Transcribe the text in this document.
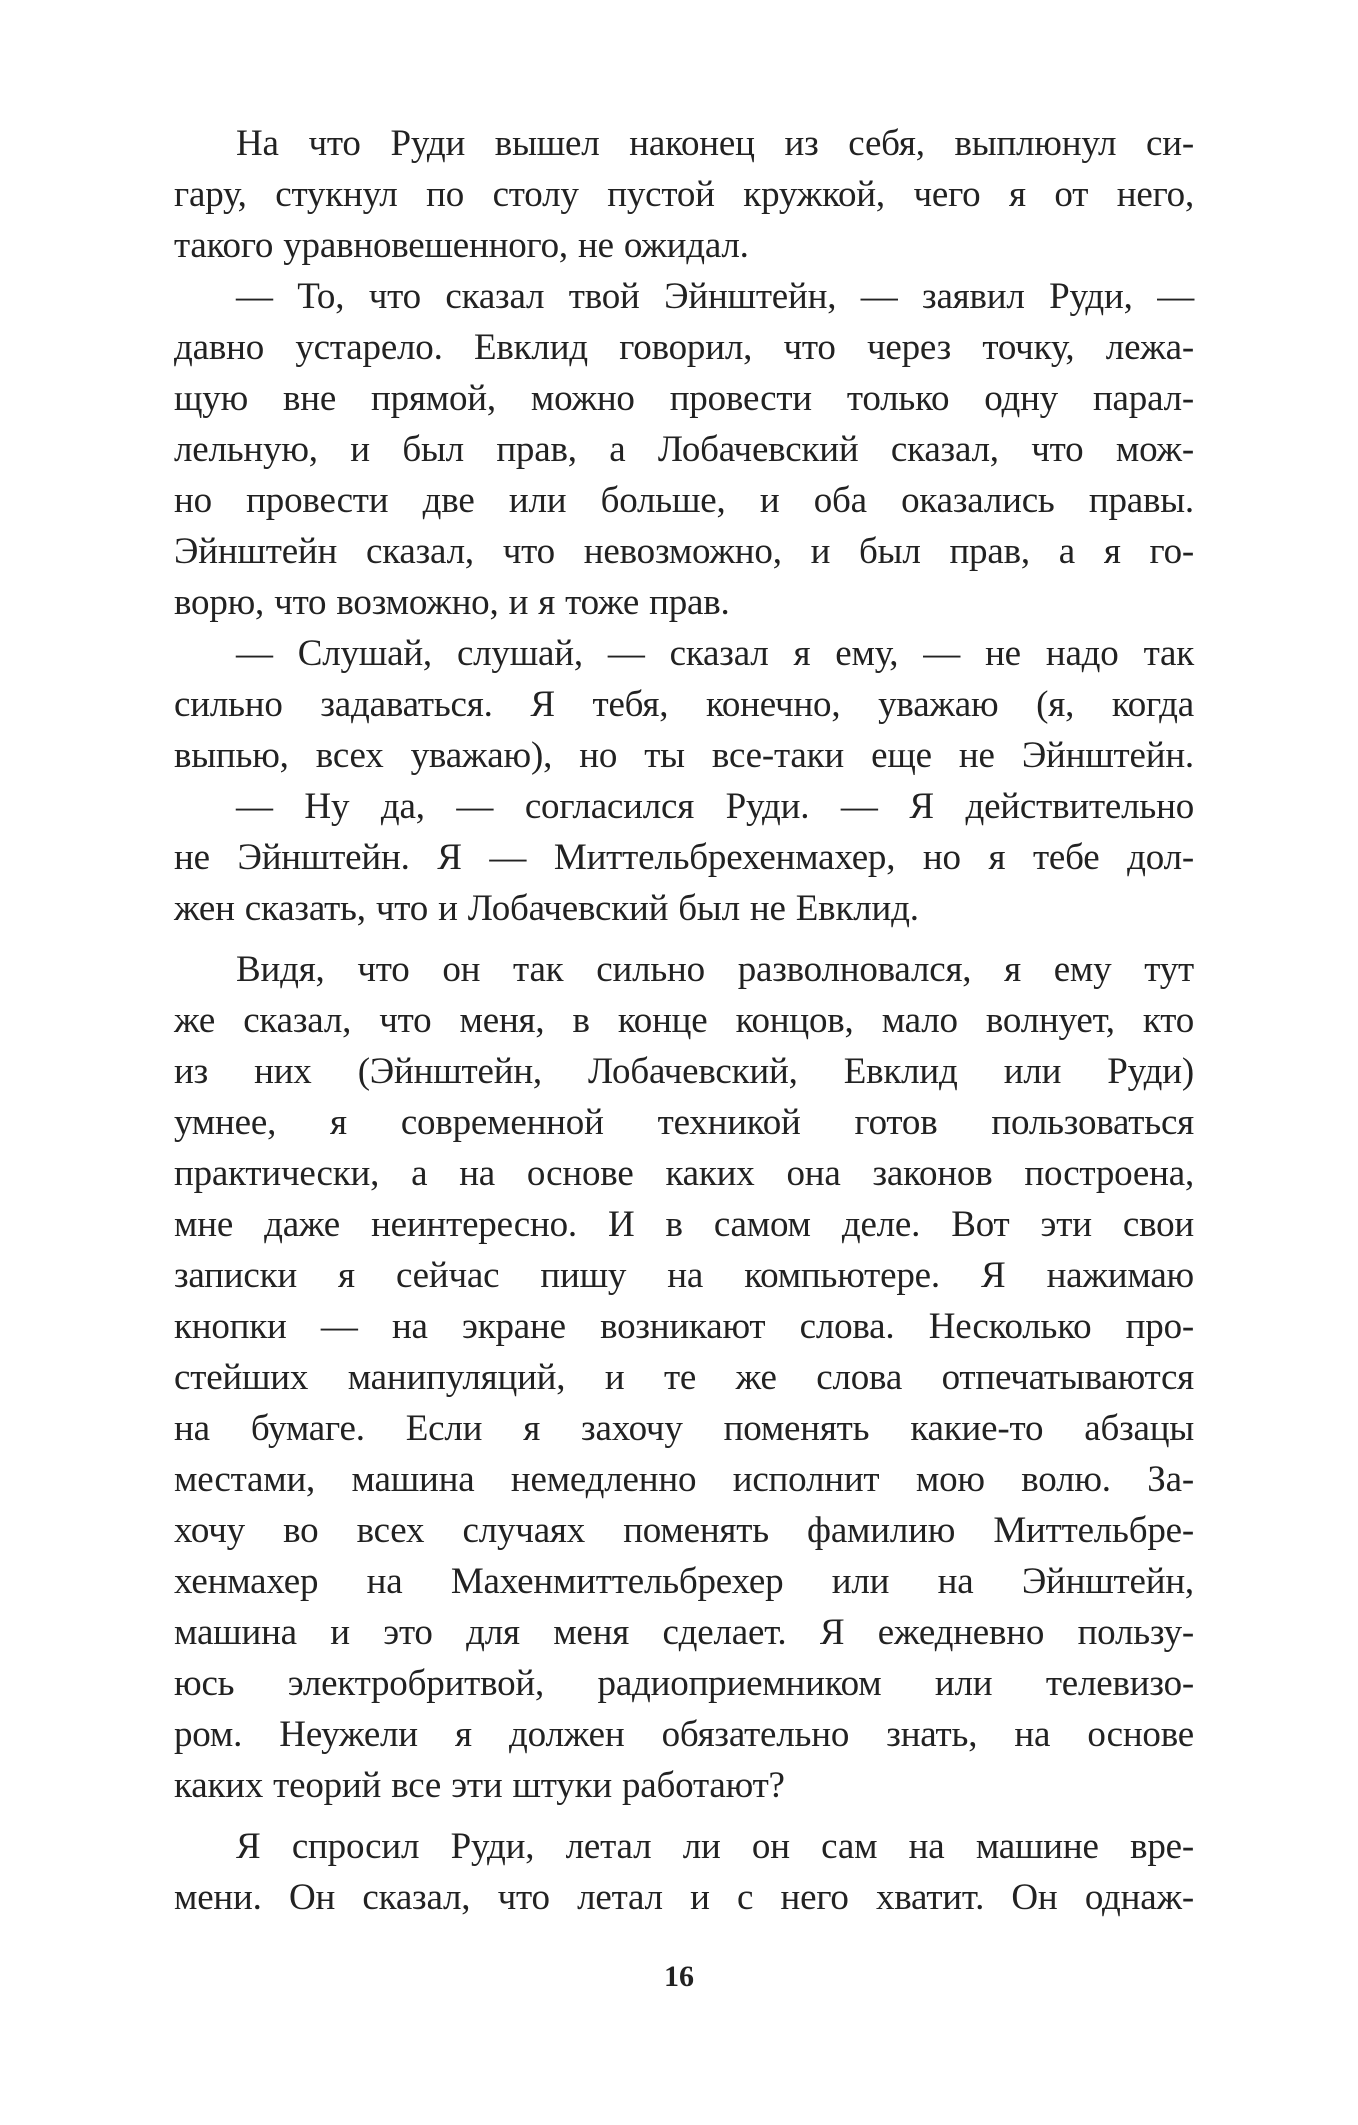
На что Руди вышел наконец из себя, выплюнул си-
гару, стукнул по столу пустой кружкой, чего я от него,
такого уравновешенного, не ожидал.
— То, что сказал твой Эйнштейн, — заявил Руди, —
давно устарело. Евклид говорил, что через точку, лежа-
щую вне прямой, можно провести только одну парал-
лельную, и был прав, а Лобачевский сказал, что мож-
но провести две или больше, и оба оказались правы.
Эйнштейн сказал, что невозможно, и был прав, а я го-
ворю, что возможно, и я тоже прав.
— Слушай, слушай, — сказал я ему, — не надо так
сильно задаваться. Я тебя, конечно, уважаю (я, когда
выпью, всех уважаю), но ты все-таки еще не Эйнштейн.
— Ну да, — согласился Руди. — Я действительно
не Эйнштейн. Я — Миттельбрехенмахер, но я тебе дол-
жен сказать, что и Лобачевский был не Евклид.
Видя, что он так сильно разволновался, я ему тут
же сказал, что меня, в конце концов, мало волнует, кто
из них (Эйнштейн, Лобачевский, Евклид или Руди)
умнее, я современной техникой готов пользоваться
практически, а на основе каких она законов построена,
мне даже неинтересно. И в самом деле. Вот эти свои
записки я сейчас пишу на компьютере. Я нажимаю
кнопки — на экране возникают слова. Несколько про-
стейших манипуляций, и те же слова отпечатываются
на бумаге. Если я захочу поменять какие-то абзацы
местами, машина немедленно исполнит мою волю. За-
хочу во всех случаях поменять фамилию Миттельбре-
хенмахер на Махенмиттельбрехер или на Эйнштейн,
машина и это для меня сделает. Я ежедневно пользу-
юсь электробритвой, радиоприемником или телевизо-
ром. Неужели я должен обязательно знать, на основе
каких теорий все эти штуки работают?
Я спросил Руди, летал ли он сам на машине вре-
мени. Он сказал, что летал и с него хватит. Он однаж-
16
